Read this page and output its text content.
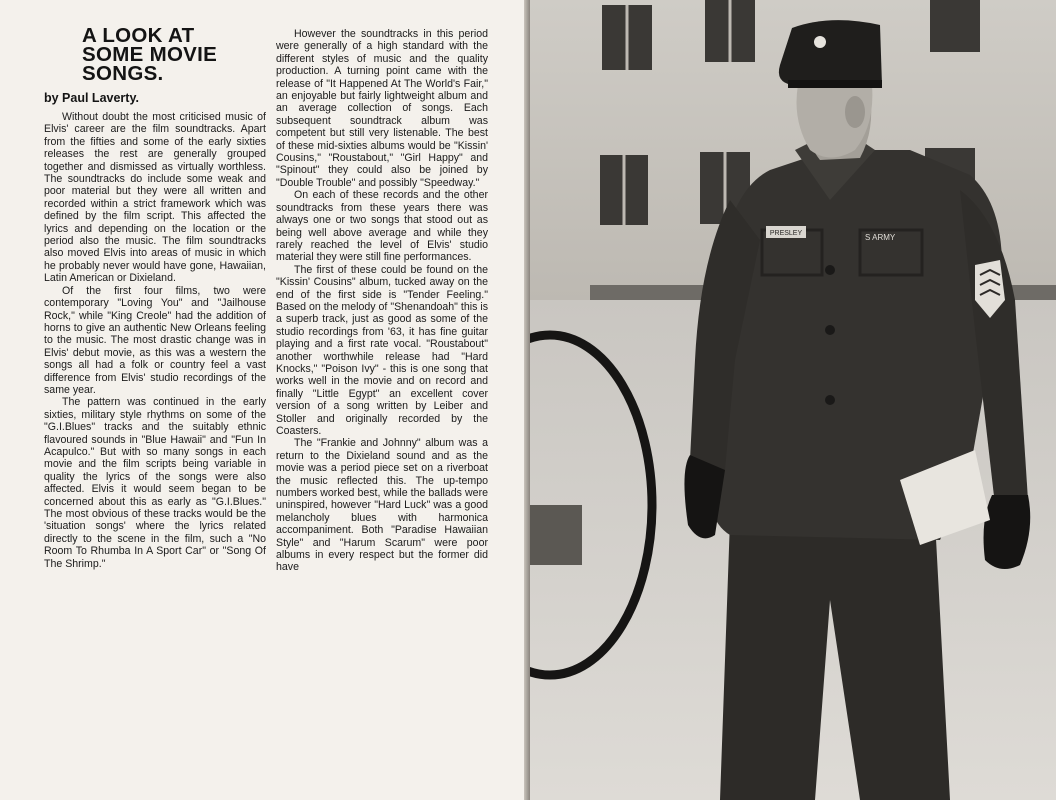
A LOOK AT
SOME MOVIE
SONGS.
by Paul Laverty.

Without doubt the most criticised music of Elvis' career are the film soundtracks. Apart from the fifties and some of the early sixties releases the rest are generally grouped together and dismissed as virtually worthless. The soundtracks do include some weak and poor material but they were all written and recorded within a strict framework which was defined by the film script. This affected the lyrics and depending on the location or the period also the music. The film soundtracks also moved Elvis into areas of music in which he probably never would have gone, Hawaiian, Latin American or Dixieland.

Of the first four films, two were contemporary "Loving You" and "Jailhouse Rock," while "King Creole" had the addition of horns to give an authentic New Orleans feeling to the music. The most drastic change was in Elvis' debut movie, as this was a western the songs all had a folk or country feel a vast difference from Elvis' studio recordings of the same year.

The pattern was continued in the early sixties, military style rhythms on some of the "G.I.Blues" tracks and the suitably ethnic flavoured sounds in "Blue Hawaii" and "Fun In Acapulco." But with so many songs in each movie and the film scripts being variable in quality the lyrics of the songs were also affected. Elvis it would seem began to be concerned about this as early as "G.I.Blues." The most obvious of these tracks would be the 'situation songs' where the lyrics related directly to the scene in the film, such a "No Room To Rhumba In A Sport Car" or "Song Of The Shrimp."

However the soundtracks in this period were generally of a high standard with the different styles of music and the quality production. A turning point came with the release of "It Happened At The World's Fair," an enjoyable but fairly lightweight album and an average collection of songs. Each subsequent soundtrack album was competent but still very listenable. The best of these mid-sixties albums would be "Kissin' Cousins," "Roustabout," "Girl Happy" and "Spinout" they could also be joined by "Double Trouble" and possibly "Speedway."

On each of these records and the other soundtracks from these years there was always one or two songs that stood out as being well above average and while they rarely reached the level of Elvis' studio material they were still fine performances.

The first of these could be found on the "Kissin' Cousins" album, tucked away on the end of the first side is "Tender Feeling." Based on the melody of "Shenandoah" this is a superb track, just as good as some of the studio recordings from '63, it has fine guitar playing and a first rate vocal. "Roustabout" another worthwhile release had "Hard Knocks," "Poison Ivy" - this is one song that works well in the movie and on record and finally "Little Egypt" an excellent cover version of a song written by Leiber and Stoller and originally recorded by the Coasters.

The "Frankie and Johnny" album was a return to the Dixieland sound and as the movie was a period piece set on a riverboat the music reflected this. The up-tempo numbers worked best, while the ballads were uninspired, however "Hard Luck" was a good melancholy blues with harmonica accompaniment. Both "Paradise Hawaiian Style" and "Harum Scarum" were poor albums in every respect but the former did have

PRESLEY	S ARMY
